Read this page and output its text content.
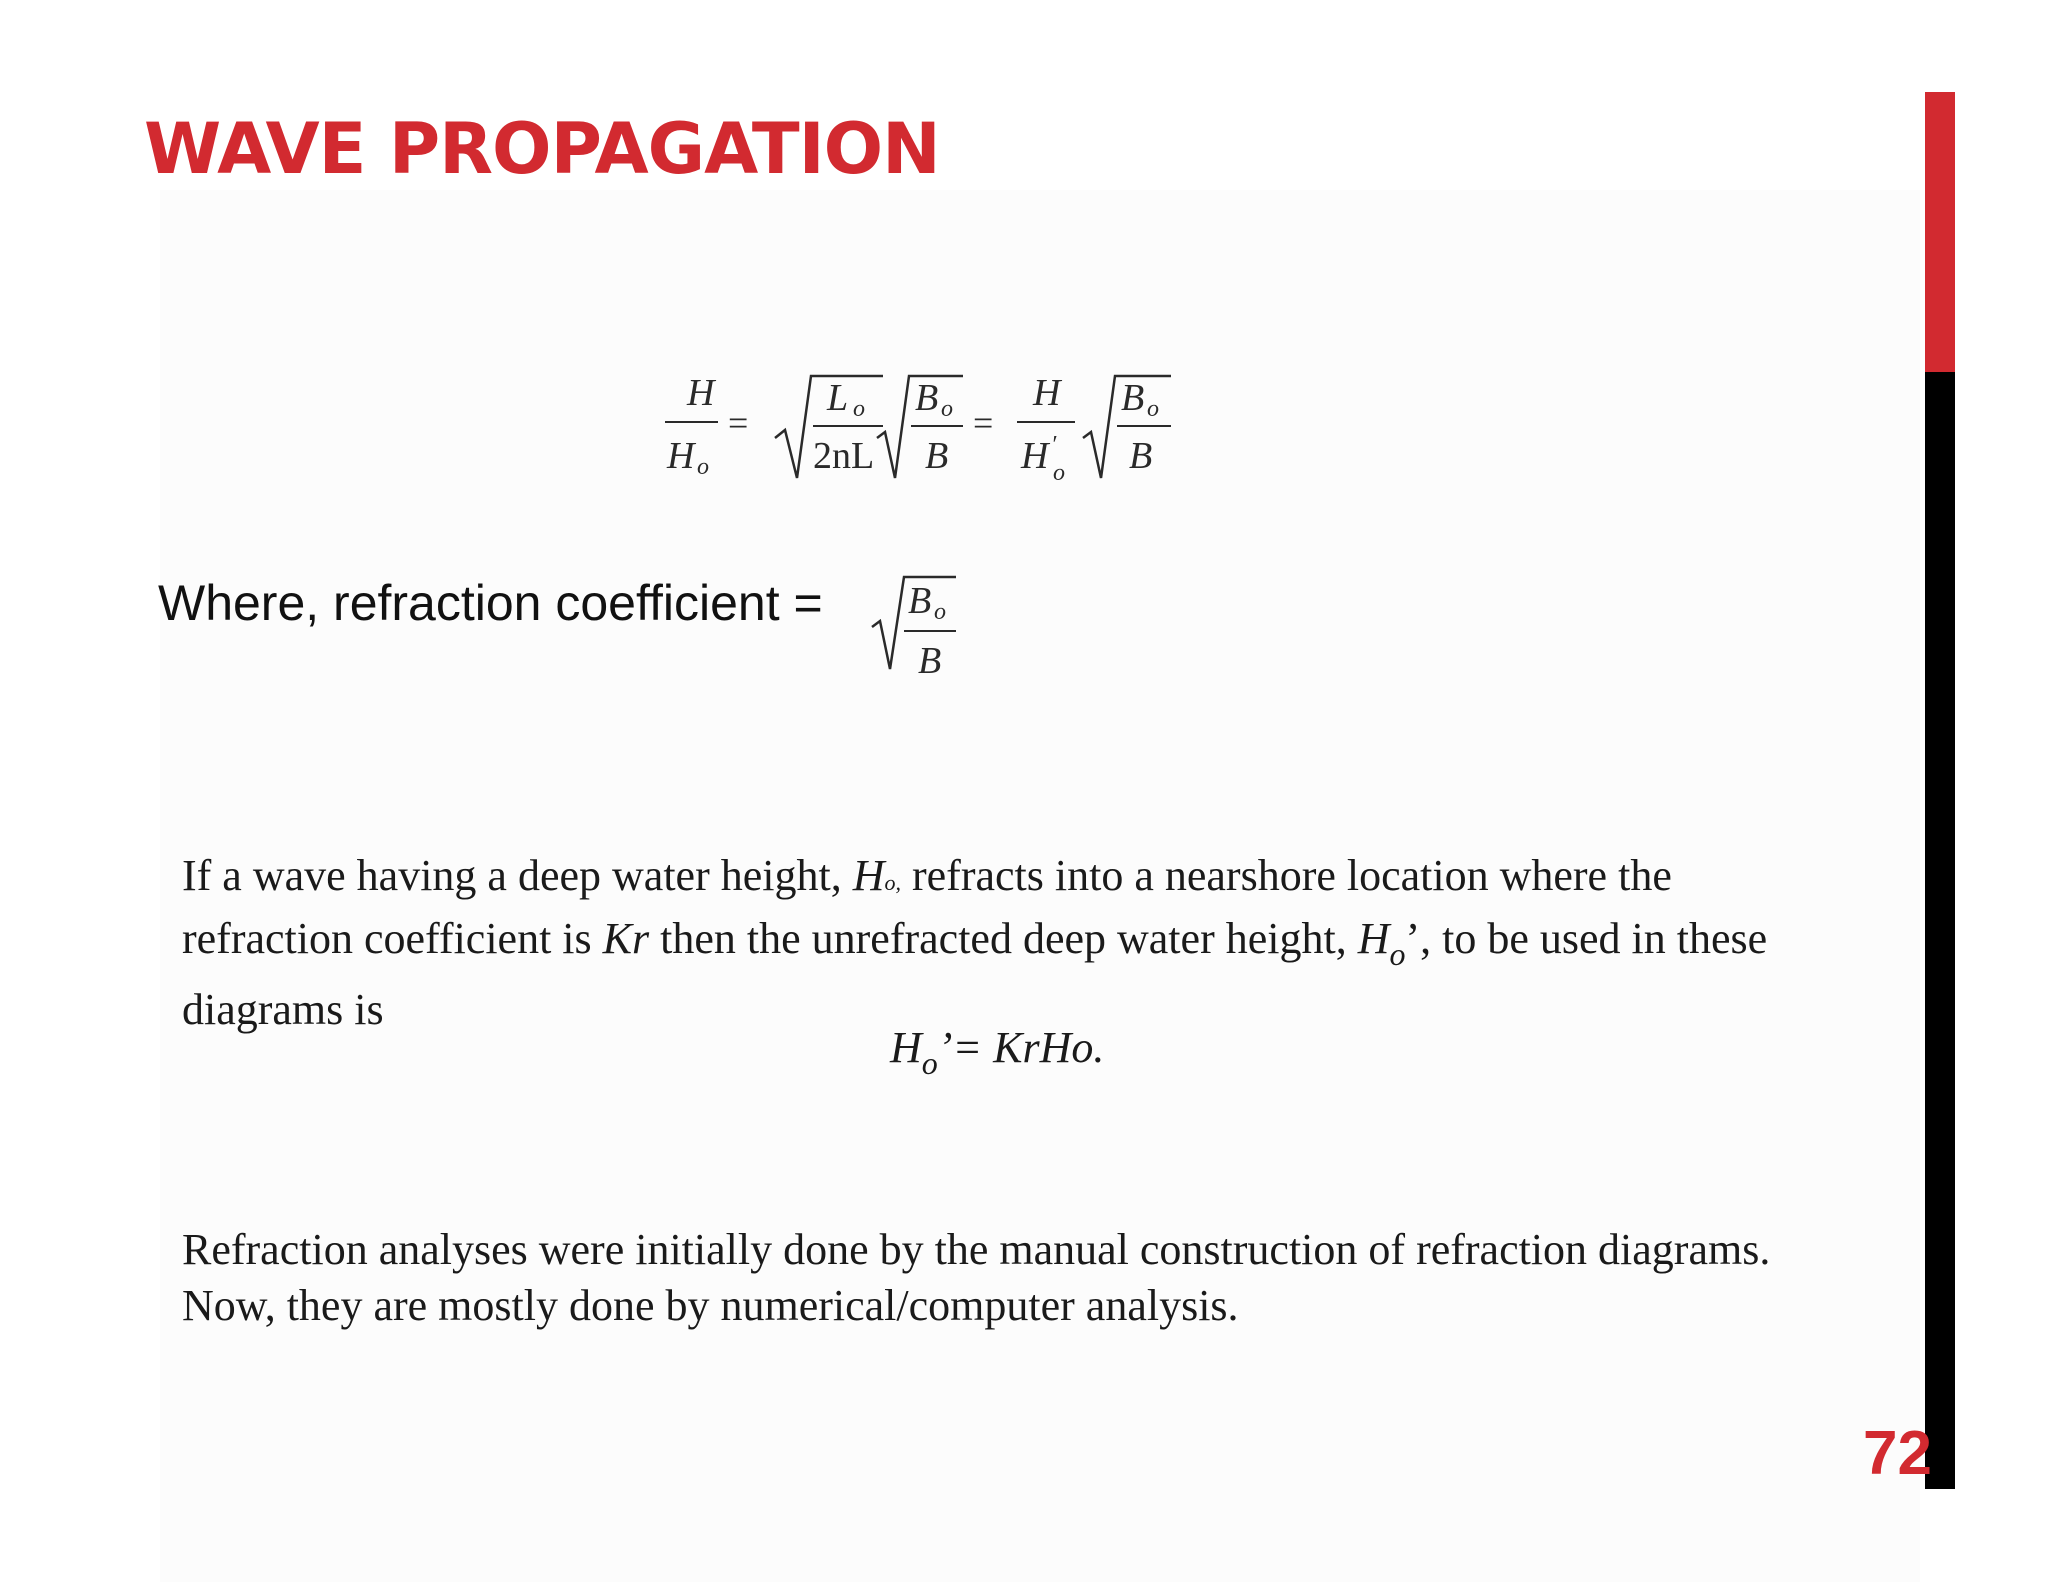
WAVE PROPAGATION
72
H
H o
=
L o
2nL
B o
B
=
H
H ′
o
B o
B
Where, refraction coefficient = B o
B

If a wave having a deep water height, Ho, refracts into a nearshore location where the refraction coefficient is Kr then the unrefracted deep water height, $H_o$’, to be used in these diagrams is

$H_o’=$ KrHo.

Refraction analyses were initially done by the manual construction of refraction diagrams. Now, they are mostly done by numerical/computer analysis.
